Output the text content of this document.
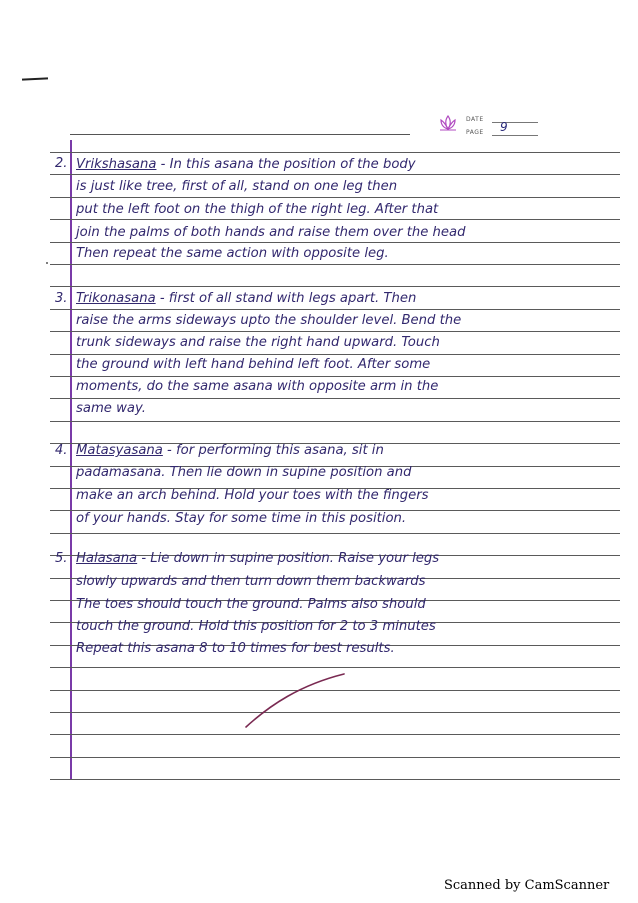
DATE
PAGE 9
2. Vrikshasana - In this asana the position of the body

is just like tree, first of all, stand on one leg then

put the left foot on the thigh of the right leg. After that

join the palms of both hands and raise them over the head

Then repeat the same action with opposite leg.

3. Trikonasana - first of all stand with legs apart. Then

raise the arms sideways upto the shoulder level. Bend the

trunk sideways and raise the right hand upward. Touch

the ground with left hand behind left foot. After some

moments, do the same asana with opposite arm in the

same way.

4. Matasyasana - for performing this asana, sit in

padamasana. Then lie down in supine position and

make an arch behind. Hold your toes with the fingers

of your hands. Stay for some time in this position.

5. Halasana - Lie down in supine position. Raise your legs

slowly upwards and then turn down them backwards

The toes should touch the ground. Palms also should

touch the ground. Hold this position for 2 to 3 minutes

Repeat this asana 8 to 10 times for best results.

Scanned by CamScanner
